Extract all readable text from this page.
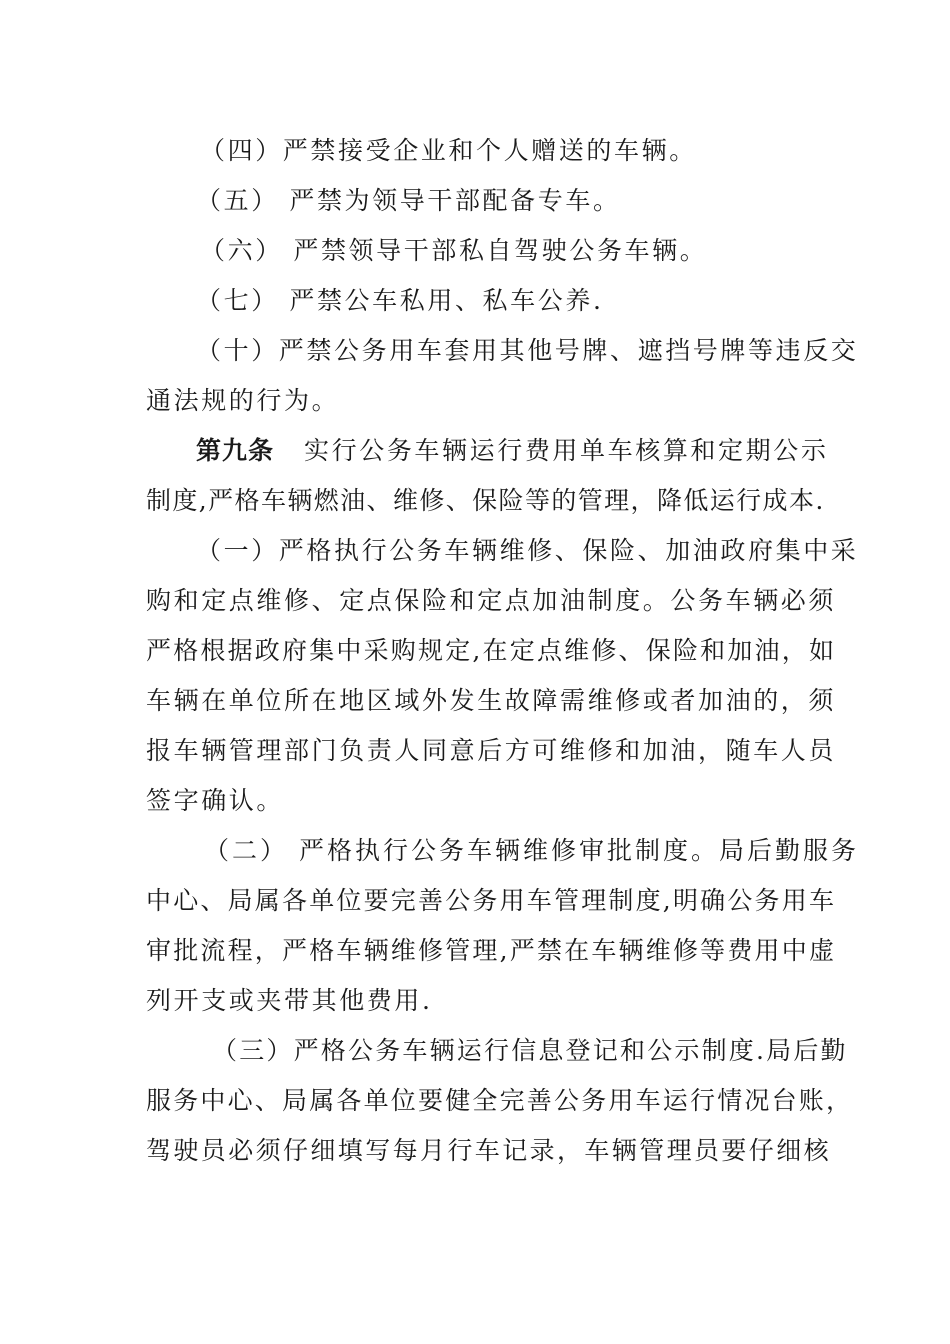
（四）严禁接受企业和个人赠送的车辆。
（五） 严禁为领导干部配备专车。
（六） 严禁领导干部私自驾驶公务车辆。
（七） 严禁公车私用、私车公养.
（十）严禁公务用车套用其他号牌、遮挡号牌等违反交
通法规的行为。
第九条 实行公务车辆运行费用单车核算和定期公示
制度,严格车辆燃油、维修、保险等的管理，降低运行成本.
（一）严格执行公务车辆维修、保险、加油政府集中采
购和定点维修、定点保险和定点加油制度。公务车辆必须
严格根据政府集中采购规定,在定点维修、保险和加油，如
车辆在单位所在地区域外发生故障需维修或者加油的，须
报车辆管理部门负责人同意后方可维修和加油，随车人员
签字确认。
（二） 严格执行公务车辆维修审批制度。局后勤服务
中心、局属各单位要完善公务用车管理制度,明确公务用车
审批流程，严格车辆维修管理,严禁在车辆维修等费用中虚
列开支或夹带其他费用.
（三）严格公务车辆运行信息登记和公示制度.局后勤
服务中心、局属各单位要健全完善公务用车运行情况台账，
驾驶员必须仔细填写每月行车记录，车辆管理员要仔细核
